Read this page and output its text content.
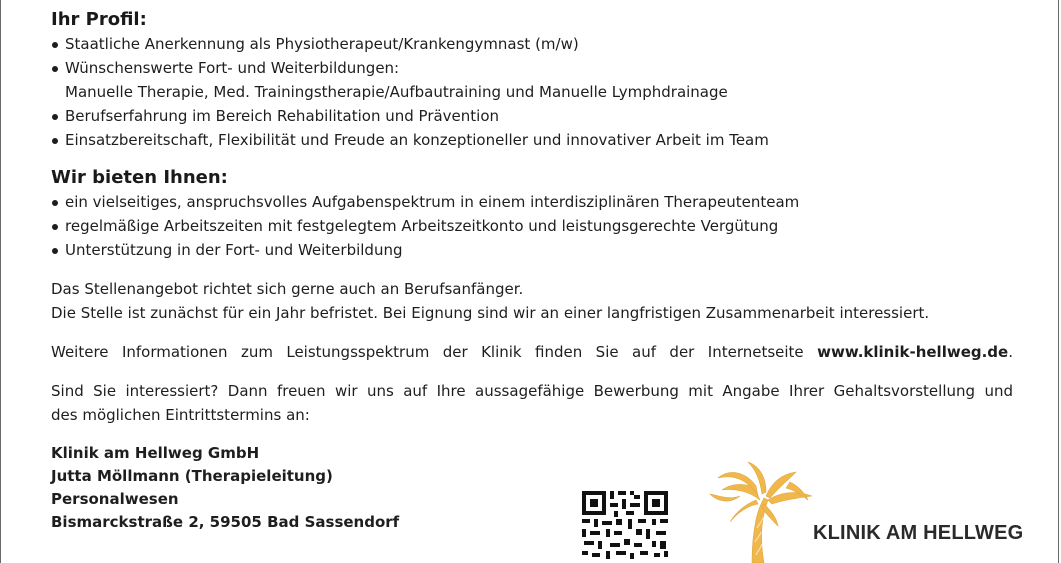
Ihr Profil:
Staatliche Anerkennung als Physiotherapeut/Krankengymnast (m/w)
Wünschenswerte Fort- und Weiterbildungen:
Manuelle Therapie, Med. Trainingstherapie/Aufbautraining und Manuelle Lymphdrainage
Berufserfahrung im Bereich Rehabilitation und Prävention
Einsatzbereitschaft, Flexibilität und Freude an konzeptioneller und innovativer Arbeit im Team
Wir bieten Ihnen:
ein vielseitiges, anspruchsvolles Aufgabenspektrum in einem interdisziplinären Therapeutenteam
regelmäßige Arbeitszeiten mit festgelegtem Arbeitszeitkonto und leistungsgerechte Vergütung
Unterstützung in der Fort- und Weiterbildung

Das Stellenangebot richtet sich gerne auch an Berufsanfänger.

Die Stelle ist zunächst für ein Jahr befristet. Bei Eignung sind wir an einer langfristigen Zusammenarbeit interessiert.

Weitere Informationen zum Leistungsspektrum der Klinik finden Sie auf der Internetseite www.klinik-hellweg.de.

Sind Sie interessiert? Dann freuen wir uns auf Ihre aussagefähige Bewerbung mit Angabe Ihrer Gehaltsvorstellung und

des möglichen Eintrittstermins an:

Klinik am Hellweg GmbH
Jutta Möllmann (Therapieleitung)
Personalwesen
Bismarckstraße 2, 59505 Bad Sassendorf	KLINIK AM HELLWEG
